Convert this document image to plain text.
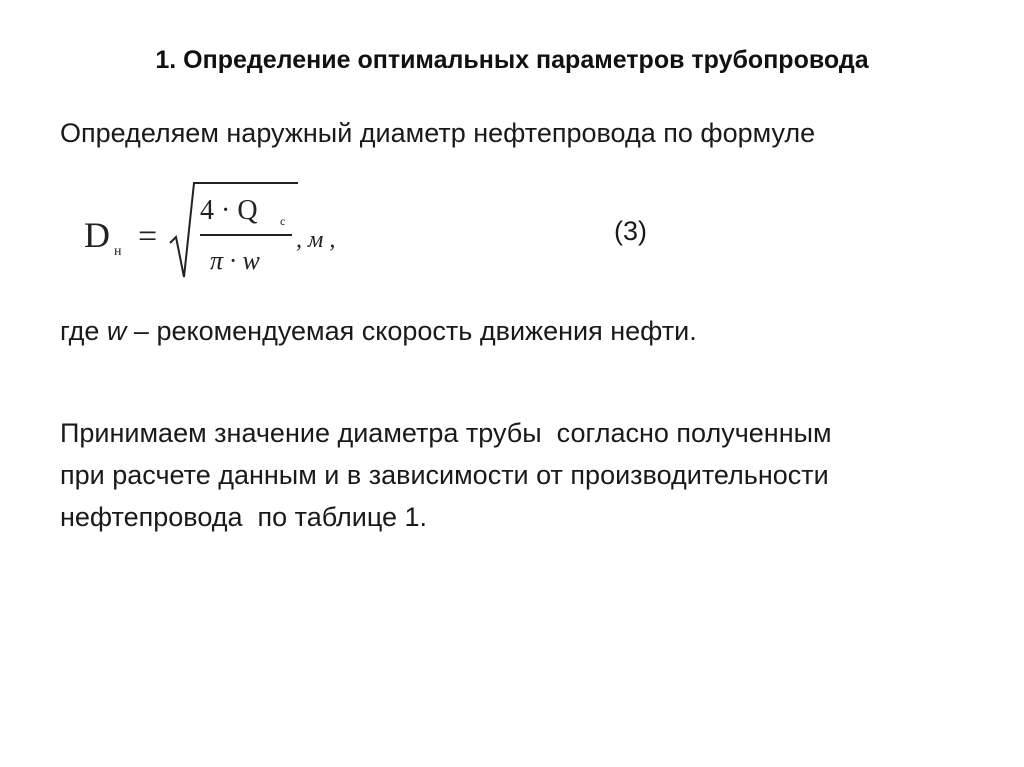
1. Определение оптимальных параметров трубопровода
Определяем наружный диаметр нефтепровода по формуле
D н =
4 · Q с
π · w
, м ,	(3)
где w – рекомендуемая скорость движения нефти.
Принимаем значение диаметра трубы  согласно полученным
при расчете данным и в зависимости от производительности
нефтепровода  по таблице 1.
